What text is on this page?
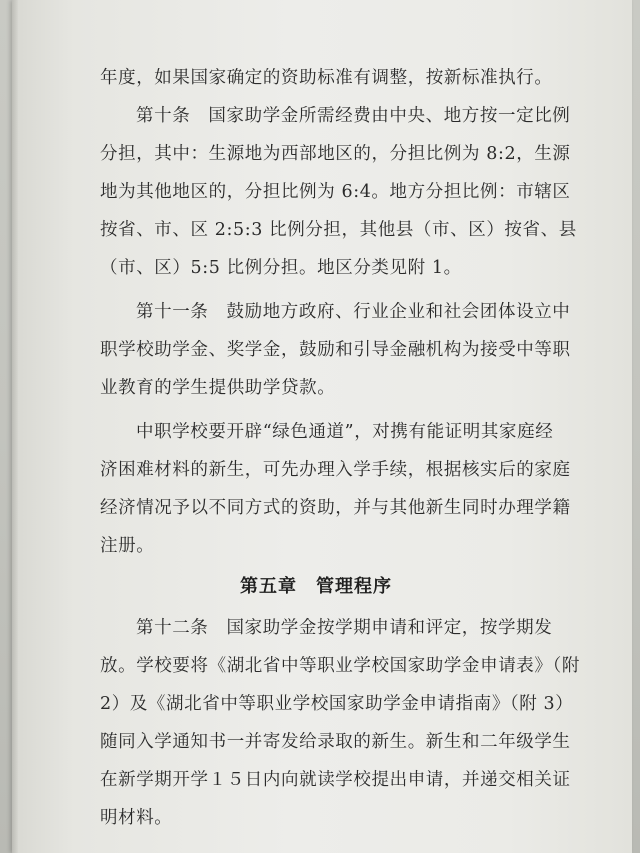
年度，如果国家确定的资助标准有调整，按新标准执行。
第十条　国家助学金所需经费由中央、地方按一定比例
分担，其中：生源地为西部地区的，分担比例为 8:2，生源
地为其他地区的，分担比例为 6:4。地方分担比例：市辖区
按省、市、区 2:5:3 比例分担，其他县（市、区）按省、县
（市、区）5:5 比例分担。地区分类见附 1。
第十一条　鼓励地方政府、行业企业和社会团体设立中
职学校助学金、奖学金，鼓励和引导金融机构为接受中等职
业教育的学生提供助学贷款。
中职学校要开辟“绿色通道”，对携有能证明其家庭经
济困难材料的新生，可先办理入学手续，根据核实后的家庭
经济情况予以不同方式的资助，并与其他新生同时办理学籍
注册。
第十二条　国家助学金按学期申请和评定，按学期发
放。学校要将《湖北省中等职业学校国家助学金申请表》（附
2）及《湖北省中等职业学校国家助学金申请指南》（附 3）
随同入学通知书一并寄发给录取的新生。新生和二年级学生
在新学期开学１５日内向就读学校提出申请，并递交相关证
明材料。
第五章　管理程序
